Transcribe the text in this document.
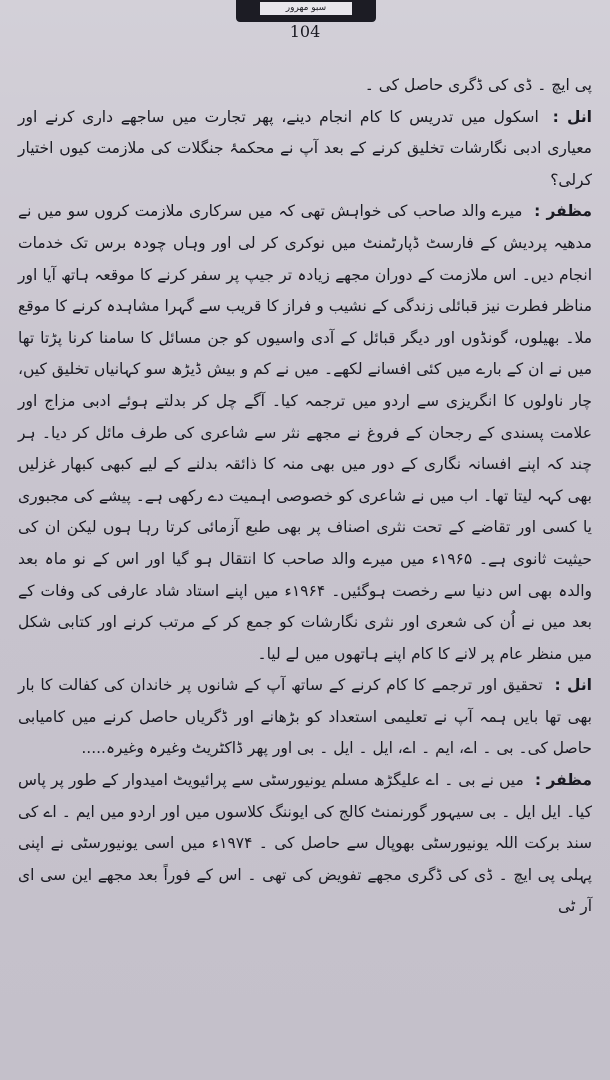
سبو مهرور
104

پی ایچ ۔ ڈی کی ڈگری حاصل کی ۔

انل : اسکول میں تدریس کا کام انجام دینے، پھر تجارت میں ساجھے داری کرنے اور معیاری ادبی نگارشات تخلیق کرنے کے بعد آپ نے محکمۂ جنگلات کی ملازمت کیوں اختیار کرلی؟

مظفر : میرے والد صاحب کی خواہش تھی کہ میں سرکاری ملازمت کروں سو میں نے مدھیہ پردیش کے فارسٹ ڈپارٹمنٹ میں نوکری کر لی اور وہاں چودہ برس تک خدمات انجام دیں۔ اس ملازمت کے دوران مجھے زیادہ تر جیپ پر سفر کرنے کا موقعہ ہاتھ آیا اور مناظر فطرت نیز قبائلی زندگی کے نشیب و فراز کا قریب سے گہرا مشاہدہ کرنے کا موقع ملا۔ بھیلوں، گونڈوں اور دیگر قبائل کے آدی واسیوں کو جن مسائل کا سامنا کرنا پڑتا تھا میں نے ان کے بارے میں کئی افسانے لکھے۔ میں نے کم و بیش ڈیڑھ سو کہانیاں تخلیق کیں، چار ناولوں کا انگریزی سے اردو میں ترجمہ کیا۔ آگے چل کر بدلتے ہوئے ادبی مزاج اور علامت پسندی کے رجحان کے فروغ نے مجھے نثر سے شاعری کی طرف مائل کر دیا۔ ہر چند کہ اپنے افسانہ نگاری کے دور میں بھی منہ کا ذائقہ بدلنے کے لیے کبھی کبھار غزلیں بھی کہہ لیتا تھا۔ اب میں نے شاعری کو خصوصی اہمیت دے رکھی ہے۔ پیشے کی مجبوری یا کسی اور تقاضے کے تحت نثری اصناف پر بھی طبع آزمائی کرتا رہا ہوں لیکن ان کی حیثیت ثانوی ہے۔ ۱۹۶۵ء میں میرے والد صاحب کا انتقال ہو گیا اور اس کے نو ماہ بعد والدہ بھی اس دنیا سے رخصت ہوگئیں۔ ۱۹۶۴ء میں اپنے استاد شاد عارفی کی وفات کے بعد میں نے اُن کی شعری اور نثری نگارشات کو جمع کر کے مرتب کرنے اور کتابی شکل میں منظر عام پر لانے کا کام اپنے ہاتھوں میں لے لیا۔

انل : تحقیق اور ترجمے کا کام کرنے کے ساتھ آپ کے شانوں پر خاندان کی کفالت کا بار بھی تھا بایں ہمہ آپ نے تعلیمی استعداد کو بڑھانے اور ڈگریاں حاصل کرنے میں کامیابی حاصل کی۔ بی ۔ اے، ایم ۔ اے، ایل ۔ ایل ۔ بی اور پھر ڈاکٹریٹ وغیرہ وغیرہ.....

مظفر : میں نے بی ۔ اے علیگڑھ مسلم یونیورسٹی سے پرائیویٹ امیدوار کے طور پر پاس کیا۔ ایل ایل ۔ بی سیہور گورنمنٹ کالج کی ایوننگ کلاسوں میں اور اردو میں ایم ۔ اے کی سند برکت اللہ یونیورسٹی بھوپال سے حاصل کی ۔ ۱۹۷۴ء میں اسی یونیورسٹی نے اپنی پہلی پی ایچ ۔ ڈی کی ڈگری مجھے تفویض کی تھی ۔ اس کے فوراً بعد مجھے این سی ای آر ٹی
